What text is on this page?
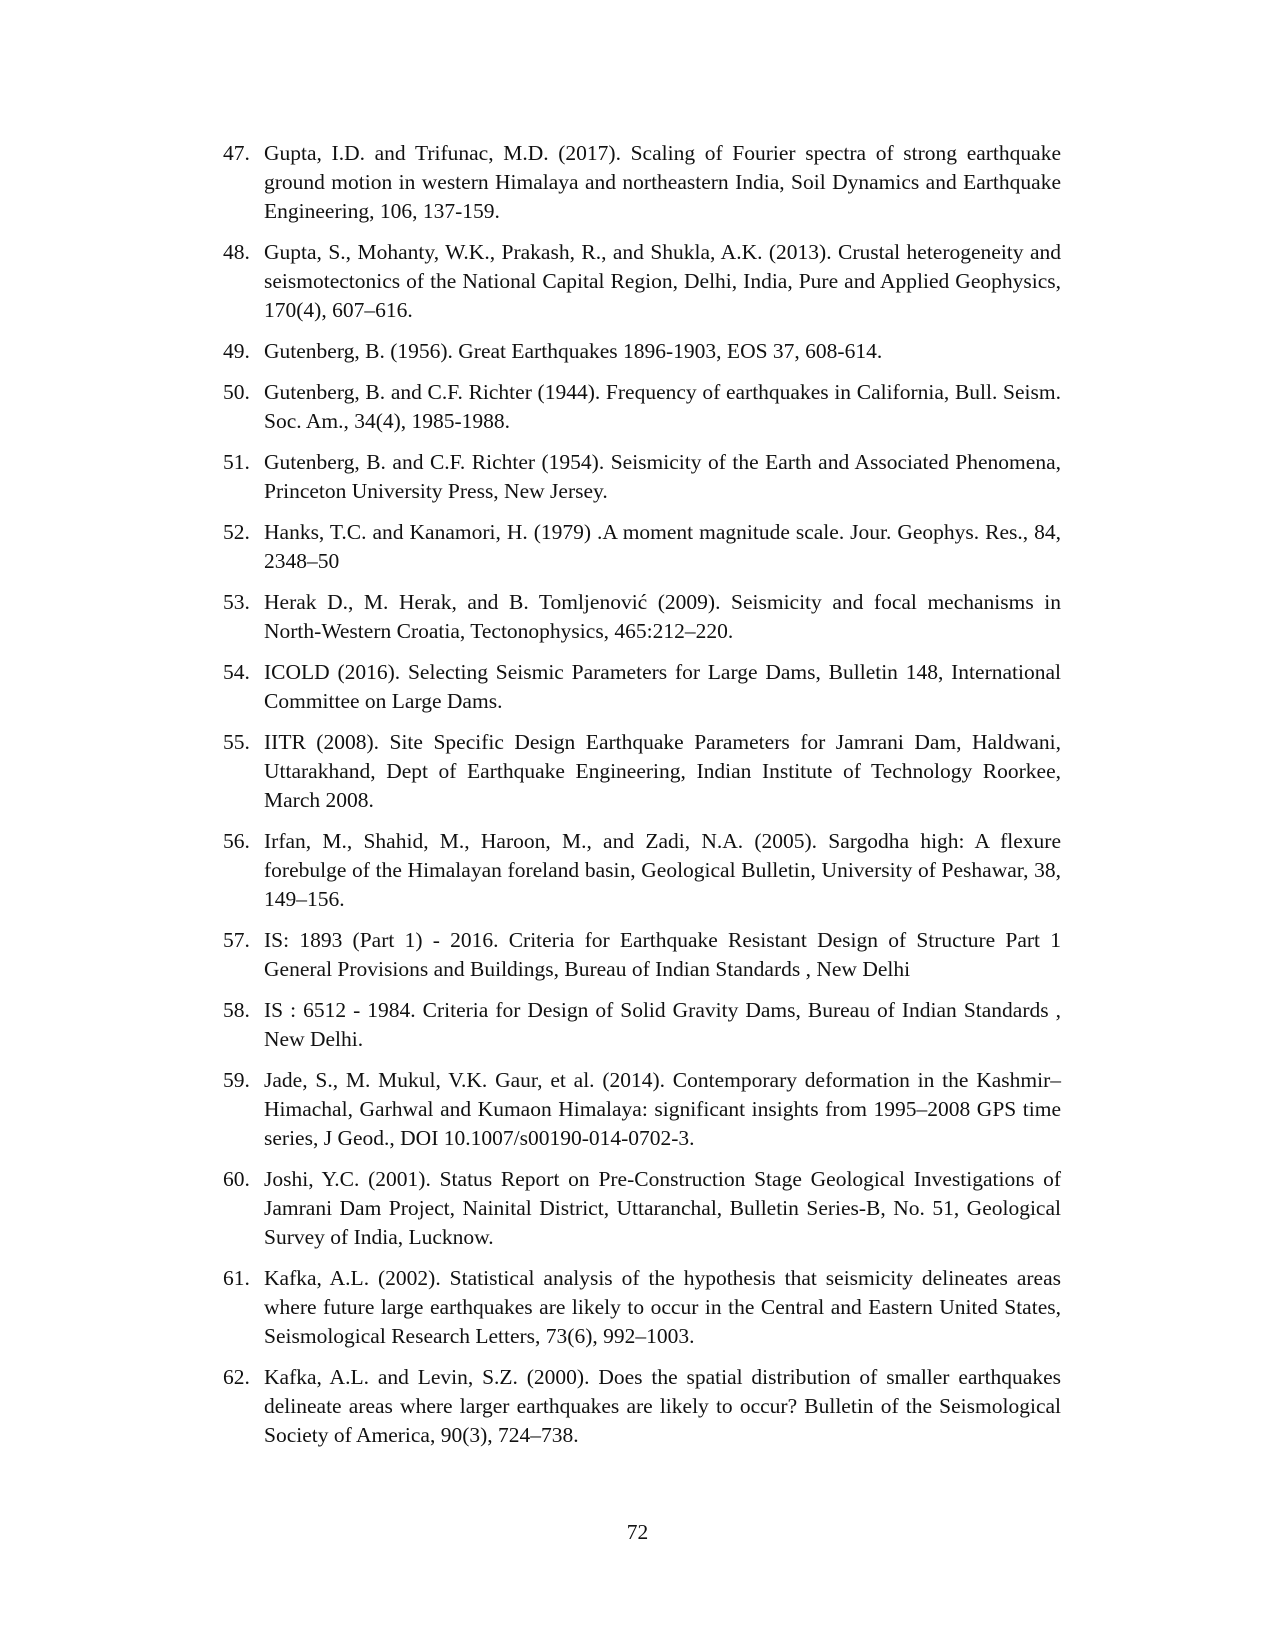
47. Gupta, I.D. and Trifunac, M.D. (2017). Scaling of Fourier spectra of strong earthquake ground motion in western Himalaya and northeastern India, Soil Dynamics and Earthquake Engineering, 106, 137-159.
48. Gupta, S., Mohanty, W.K., Prakash, R., and Shukla, A.K. (2013). Crustal heterogeneity and seismotectonics of the National Capital Region, Delhi, India, Pure and Applied Geophysics, 170(4), 607–616.
49. Gutenberg, B. (1956). Great Earthquakes 1896-1903, EOS 37, 608-614.
50. Gutenberg, B. and C.F. Richter (1944). Frequency of earthquakes in California, Bull. Seism. Soc. Am., 34(4), 1985-1988.
51. Gutenberg, B. and C.F. Richter (1954). Seismicity of the Earth and Associated Phenomena, Princeton University Press, New Jersey.
52. Hanks, T.C. and Kanamori, H. (1979) .A moment magnitude scale. Jour. Geophys. Res., 84, 2348–50
53. Herak D., M. Herak, and B. Tomljenović (2009). Seismicity and focal mechanisms in North-Western Croatia, Tectonophysics, 465:212–220.
54. ICOLD (2016). Selecting Seismic Parameters for Large Dams, Bulletin 148, International Committee on Large Dams.
55. IITR (2008). Site Specific Design Earthquake Parameters for Jamrani Dam, Haldwani, Uttarakhand, Dept of Earthquake Engineering, Indian Institute of Technology Roorkee, March 2008.
56. Irfan, M., Shahid, M., Haroon, M., and Zadi, N.A. (2005). Sargodha high: A flexure forebulge of the Himalayan foreland basin, Geological Bulletin, University of Peshawar, 38, 149–156.
57. IS: 1893 (Part 1) - 2016. Criteria for Earthquake Resistant Design of Structure Part 1 General Provisions and Buildings, Bureau of Indian Standards , New Delhi
58. IS : 6512 - 1984. Criteria for Design of Solid Gravity Dams, Bureau of Indian Standards , New Delhi.
59. Jade, S., M. Mukul, V.K. Gaur, et al. (2014). Contemporary deformation in the Kashmir–Himachal, Garhwal and Kumaon Himalaya: significant insights from 1995–2008 GPS time series, J Geod., DOI 10.1007/s00190-014-0702-3.
60. Joshi, Y.C. (2001). Status Report on Pre-Construction Stage Geological Investigations of Jamrani Dam Project, Nainital District, Uttaranchal, Bulletin Series-B, No. 51, Geological Survey of India, Lucknow.
61. Kafka, A.L. (2002). Statistical analysis of the hypothesis that seismicity delineates areas where future large earthquakes are likely to occur in the Central and Eastern United States, Seismological Research Letters, 73(6), 992–1003.
62. Kafka, A.L. and Levin, S.Z. (2000). Does the spatial distribution of smaller earthquakes delineate areas where larger earthquakes are likely to occur? Bulletin of the Seismological Society of America, 90(3), 724–738.
72
